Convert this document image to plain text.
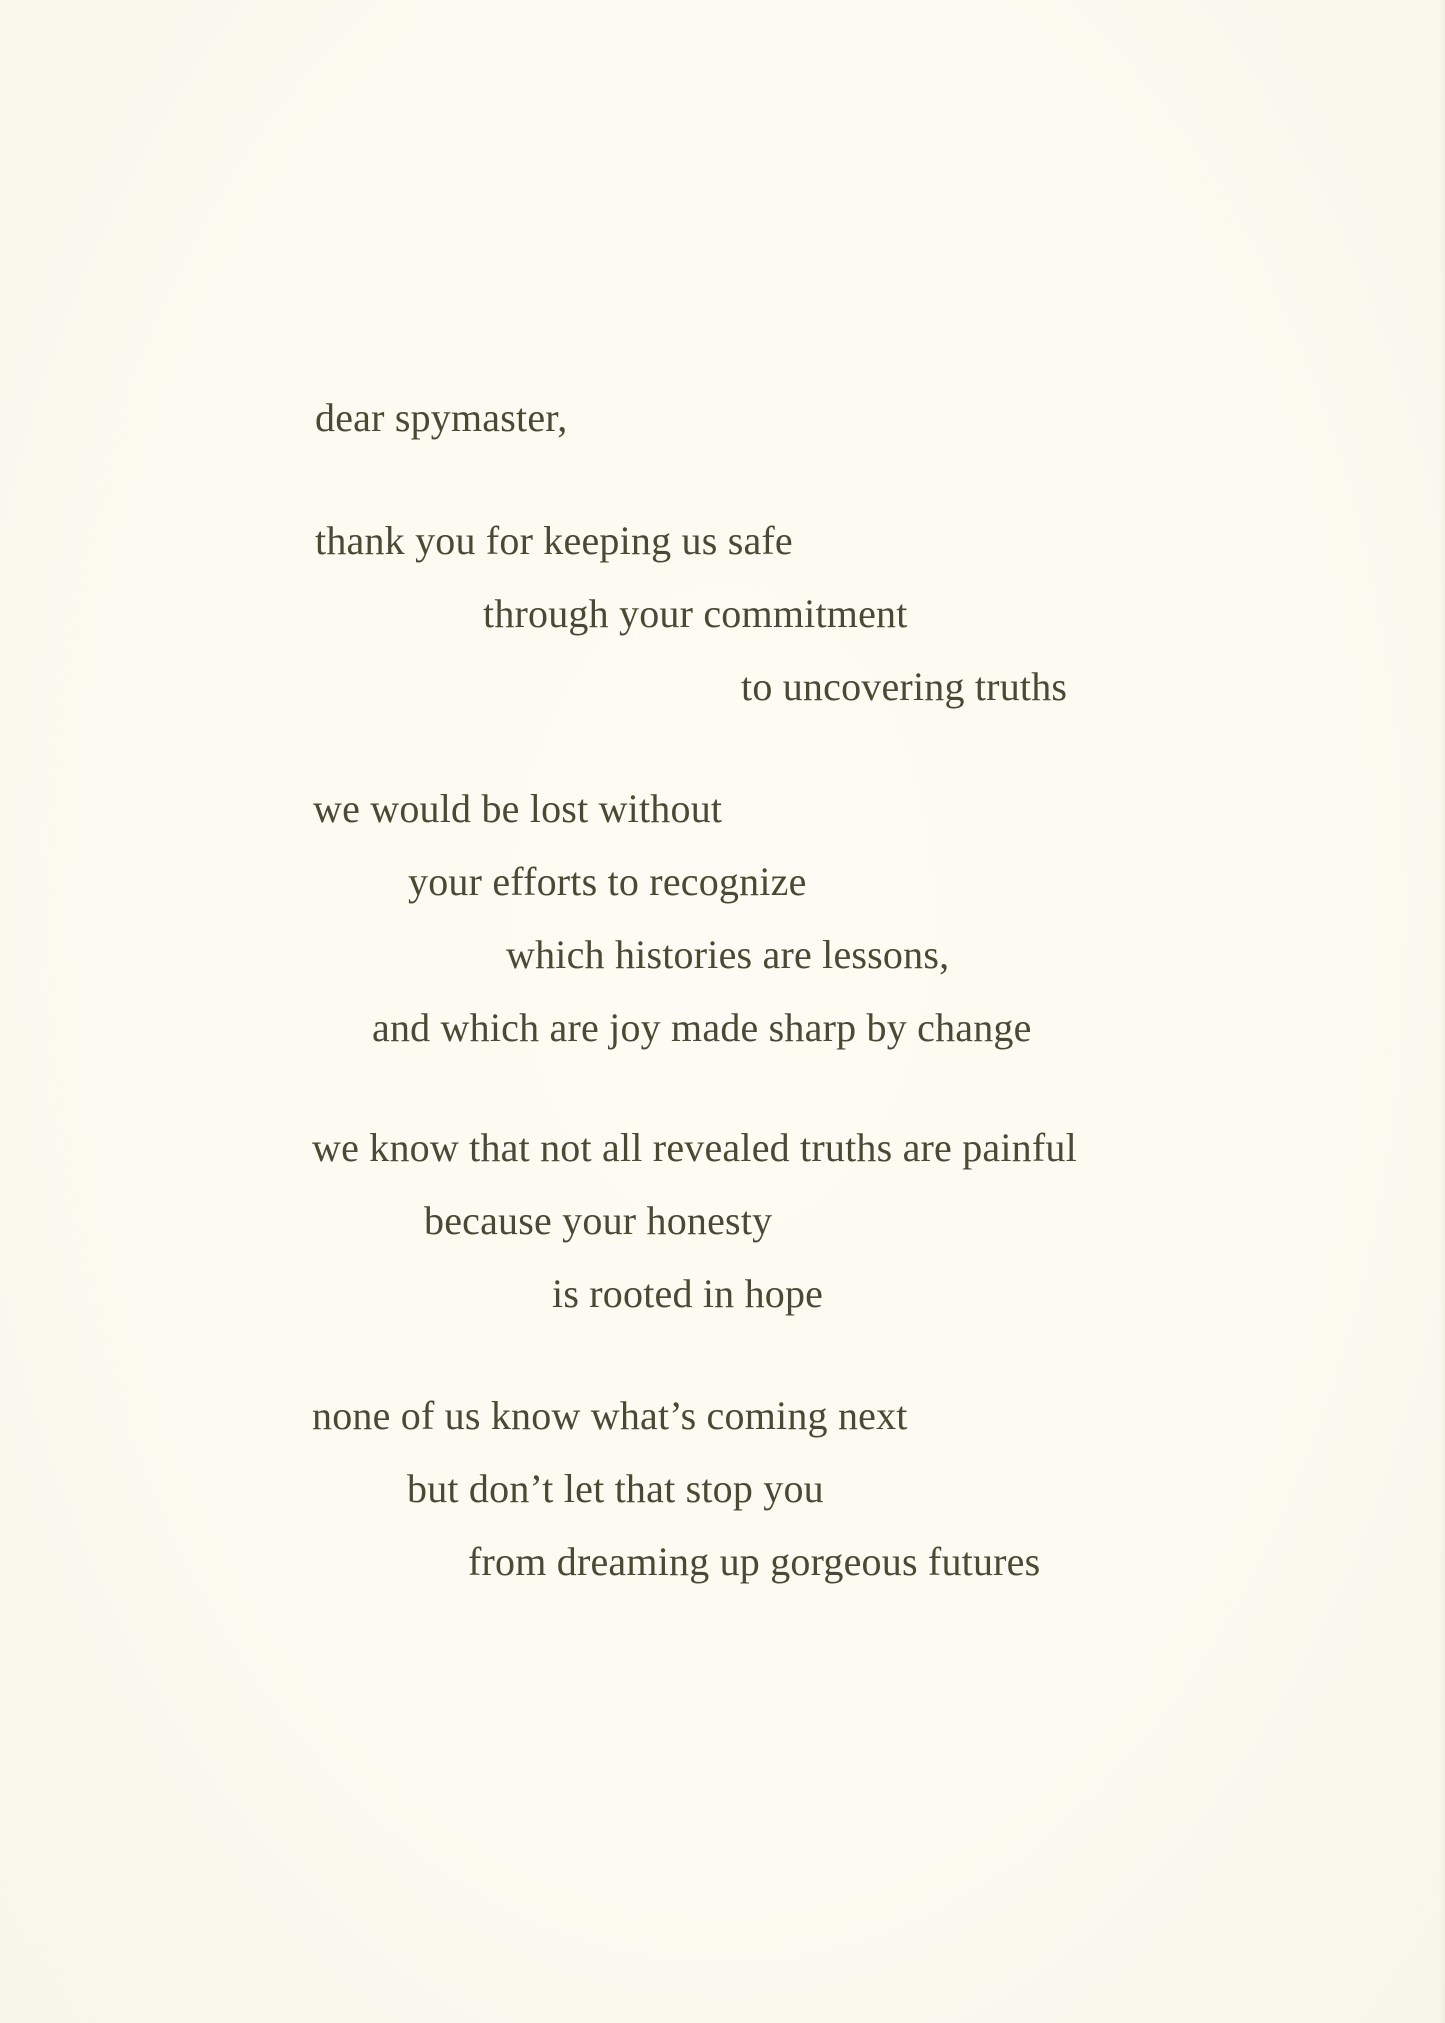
dear spymaster,

thank you for keeping us safe

through your commitment

to uncovering truths

we would be lost without

your efforts to recognize

which histories are lessons,

and which are joy made sharp by change

we know that not all revealed truths are painful

because your honesty

is rooted in hope

none of us know what’s coming next

but don’t let that stop you

from dreaming up gorgeous futures
